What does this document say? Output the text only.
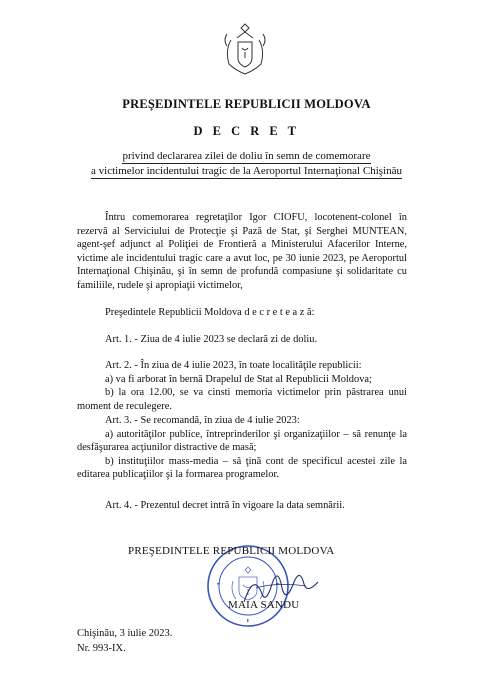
PREŞEDINTELE REPUBLICII MOLDOVA
D E C R E T
privind declararea zilei de doliu în semn de comemorare
a victimelor incidentului tragic de la Aeroportul Internaţional Chişinău

Întru comemorarea regretaţilor Igor CIOFU, locotenent-colonel în rezervă al Serviciului de Protecţie şi Pază de Stat, şi Serghei MUNTEAN, agent-şef adjunct al Poliţiei de Frontieră a Ministerului Afacerilor Interne, victime ale incidentului tragic care a avut loc, pe 30 iunie 2023, pe Aeroportul Internaţional Chişinău, şi în semn de profundă compasiune şi solidaritate cu familiile, rudele şi apropiaţii victimelor,

Preşedintele Republicii Moldova d e c r e t e a z ă:

Art. 1. - Ziua de 4 iulie 2023 se declară zi de doliu.

Art. 2. - În ziua de 4 iulie 2023, în toate localităţile republicii:

a) va fi arborat în bernă Drapelul de Stat al Republicii Moldova;

b) la ora 12.00, se va cinsti memoria victimelor prin păstrarea unui moment de reculegere.

Art. 3. - Se recomandă, în ziua de 4 iulie 2023:

a) autorităţilor publice, întreprinderilor şi organizaţiilor – să renunţe la desfăşurarea acţiunilor distractive de masă;

b) instituţiilor mass-media – să ţină cont de specificul acestei zile la editarea publicaţiilor şi la formarea programelor.

Art. 4. - Prezentul decret intră în vigoare la data semnării.

PREŞEDINTELE REPUBLICII MOLDOVA
MAIA SANDU
Chişinău, 3 iulie 2023.
Nr. 993-IX.
